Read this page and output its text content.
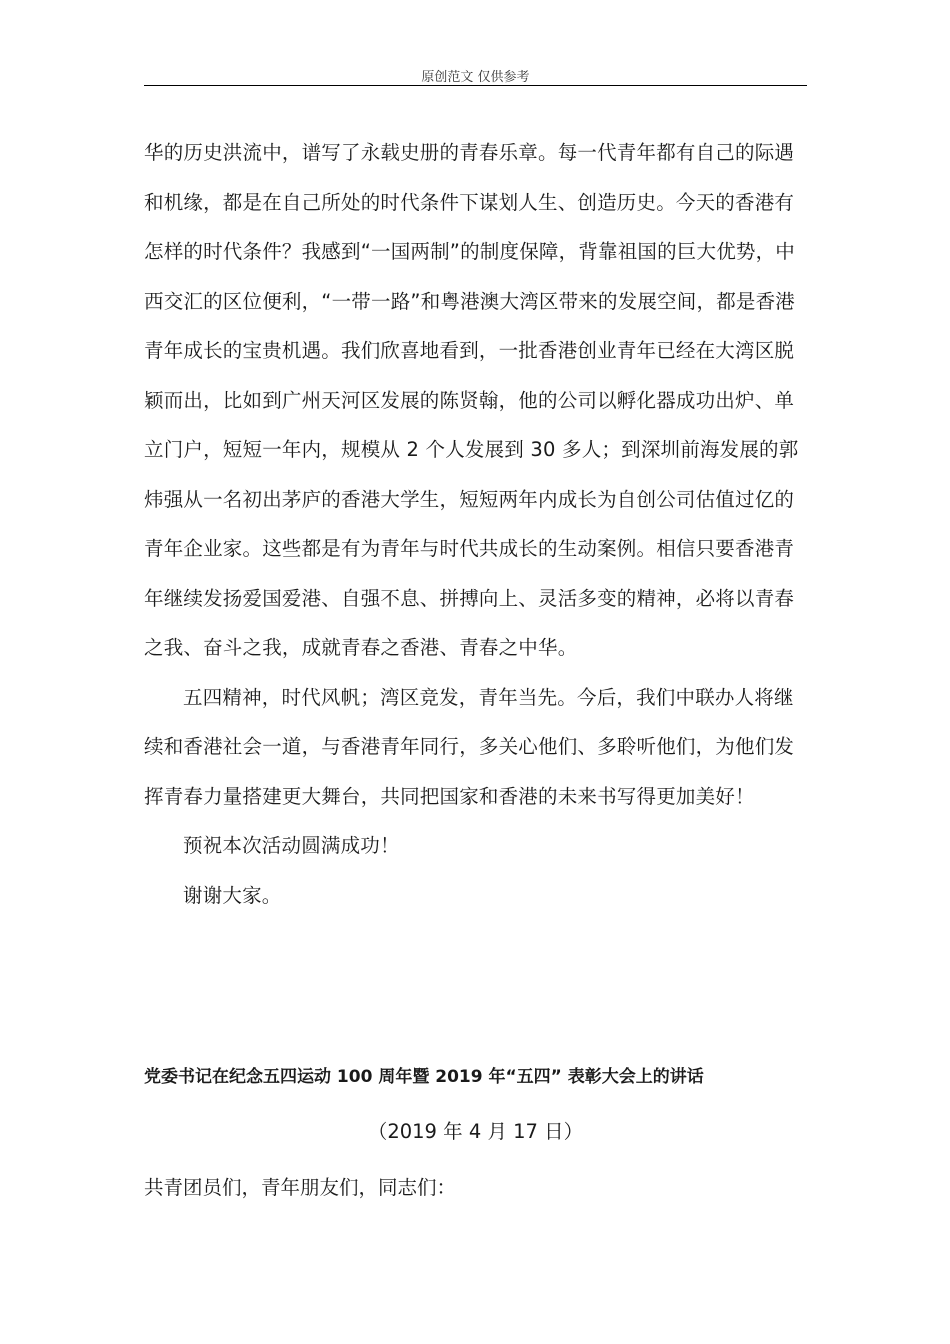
原创范文 仅供参考

华的历史洪流中，谱写了永载史册的青春乐章。每一代青年都有自己的际遇和机缘，都是在自己所处的时代条件下谋划人生、创造历史。今天的香港有怎样的时代条件？我感到“一国两制”的制度保障，背靠祖国的巨大优势，中西交汇的区位便利，“一带一路”和粤港澳大湾区带来的发展空间，都是香港青年成长的宝贵机遇。我们欣喜地看到，一批香港创业青年已经在大湾区脱颖而出，比如到广州天河区发展的陈贤翰，他的公司以孵化器成功出炉、单立门户，短短一年内，规模从 2 个人发展到 30 多人；到深圳前海发展的郭炜强从一名初出茅庐的香港大学生，短短两年内成长为自创公司估值过亿的青年企业家。这些都是有为青年与时代共成长的生动案例。相信只要香港青年继续发扬爱国爱港、自强不息、拼搏向上、灵活多变的精神，必将以青春之我、奋斗之我，成就青春之香港、青春之中华。

五四精神，时代风帆；湾区竞发，青年当先。今后，我们中联办人将继续和香港社会一道，与香港青年同行，多关心他们、多聆听他们，为他们发挥青春力量搭建更大舞台，共同把国家和香港的未来书写得更加美好！

预祝本次活动圆满成功！

谢谢大家。

党委书记在纪念五四运动 100 周年暨 2019 年“五四” 表彰大会上的讲话
（2019 年 4 月 17 日）
共青团员们，青年朋友们，同志们：
